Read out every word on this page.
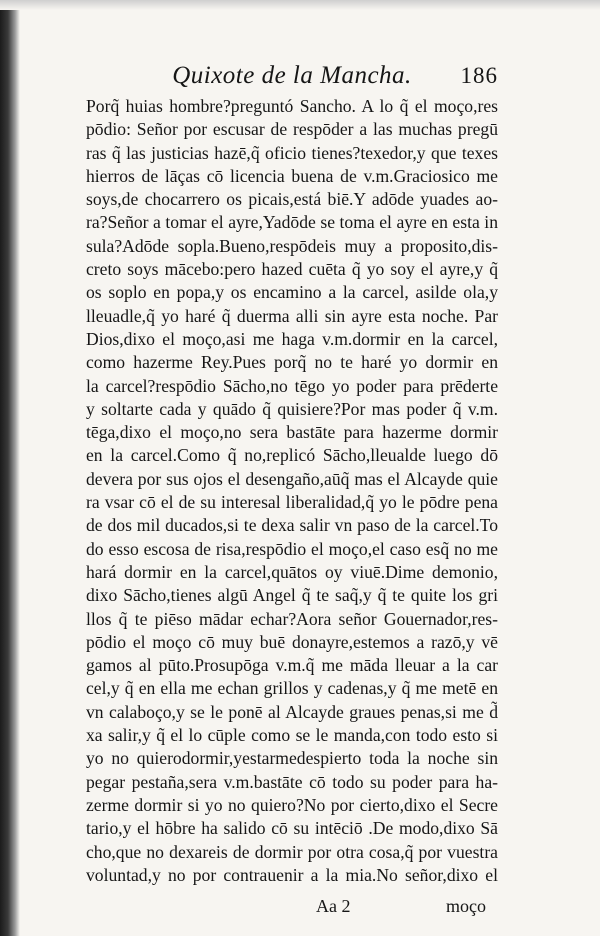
Quixote de la Mancha. 186
Porq̃ huias hombre?preguntó Sancho. A lo q̃ el moço,res
pōdio: Señor por escusar de respōder a las muchas pregū
ras q̃ las justicias hazē,q̃ oficio tienes?texedor,y que texes
hierros de lāças cō licencia buena de v.m.Graciosico me
soys,de chocarrero os picais,está biē.Y adōde yuades ao-
ra?Señor a tomar el ayre,Yadōde se toma el ayre en esta in
sula?Adōde sopla.Bueno,respōdeis muy a proposito,dis-
creto soys mācebo:pero hazed cuēta q̃ yo soy el ayre,y q̃
os soplo en popa,y os encamino a la carcel, asilde ola,y
lleuadle,q̃ yo haré q̃ duerma alli sin ayre esta noche. Par
Dios,dixo el moço,asi me haga v.m.dormir en la carcel,
como hazerme Rey.Pues porq̃ no te haré yo dormir en
la carcel?respōdio Sācho,no tēgo yo poder para prēderte
y soltarte cada y quādo q̃ quisiere?Por mas poder q̃ v.m.
tēga,dixo el moço,no sera bastāte para hazerme dormir
en la carcel.Como q̃ no,replicó Sācho,lleualde luego dō
devera por sus ojos el desengaño,aūq̃ mas el Alcayde quie
ra vsar cō el de su interesal liberalidad,q̃ yo le pōdre pena
de dos mil ducados,si te dexa salir vn paso de la carcel.To
do esso escosa de risa,respōdio el moço,el caso esq̃ no me
hará dormir en la carcel,quātos oy viuē.Dime demonio,
dixo Sācho,tienes algū Angel q̃ te saq̃,y q̃ te quite los gri
llos q̃ te piēso mādar echar?Aora señor Gouernador,res-
pōdio el moço cō muy buē donayre,estemos a razō,y vē
gamos al pūto.Prosupōga v.m.q̃ me māda lleuar a la car
cel,y q̃ en ella me echan grillos y cadenas,y q̃ me metē en
vn calaboço,y se le ponē al Alcayde graues penas,si me d̃
xa salir,y q̃ el lo cūple como se le manda,con todo esto si
yo no quierodormir,yestarmedespierto toda la noche sin
pegar pestaña,sera v.m.bastāte cō todo su poder para ha-
zerme dormir si yo no quiero?No por cierto,dixo el Secre
tario,y el hōbre ha salido cō su intēciō .De modo,dixo Sā
cho,que no dexareis de dormir por otra cosa,q̃ por vuestra
voluntad,y no por contrauenir a la mia.No señor,dixo el
Aa 2	moço
